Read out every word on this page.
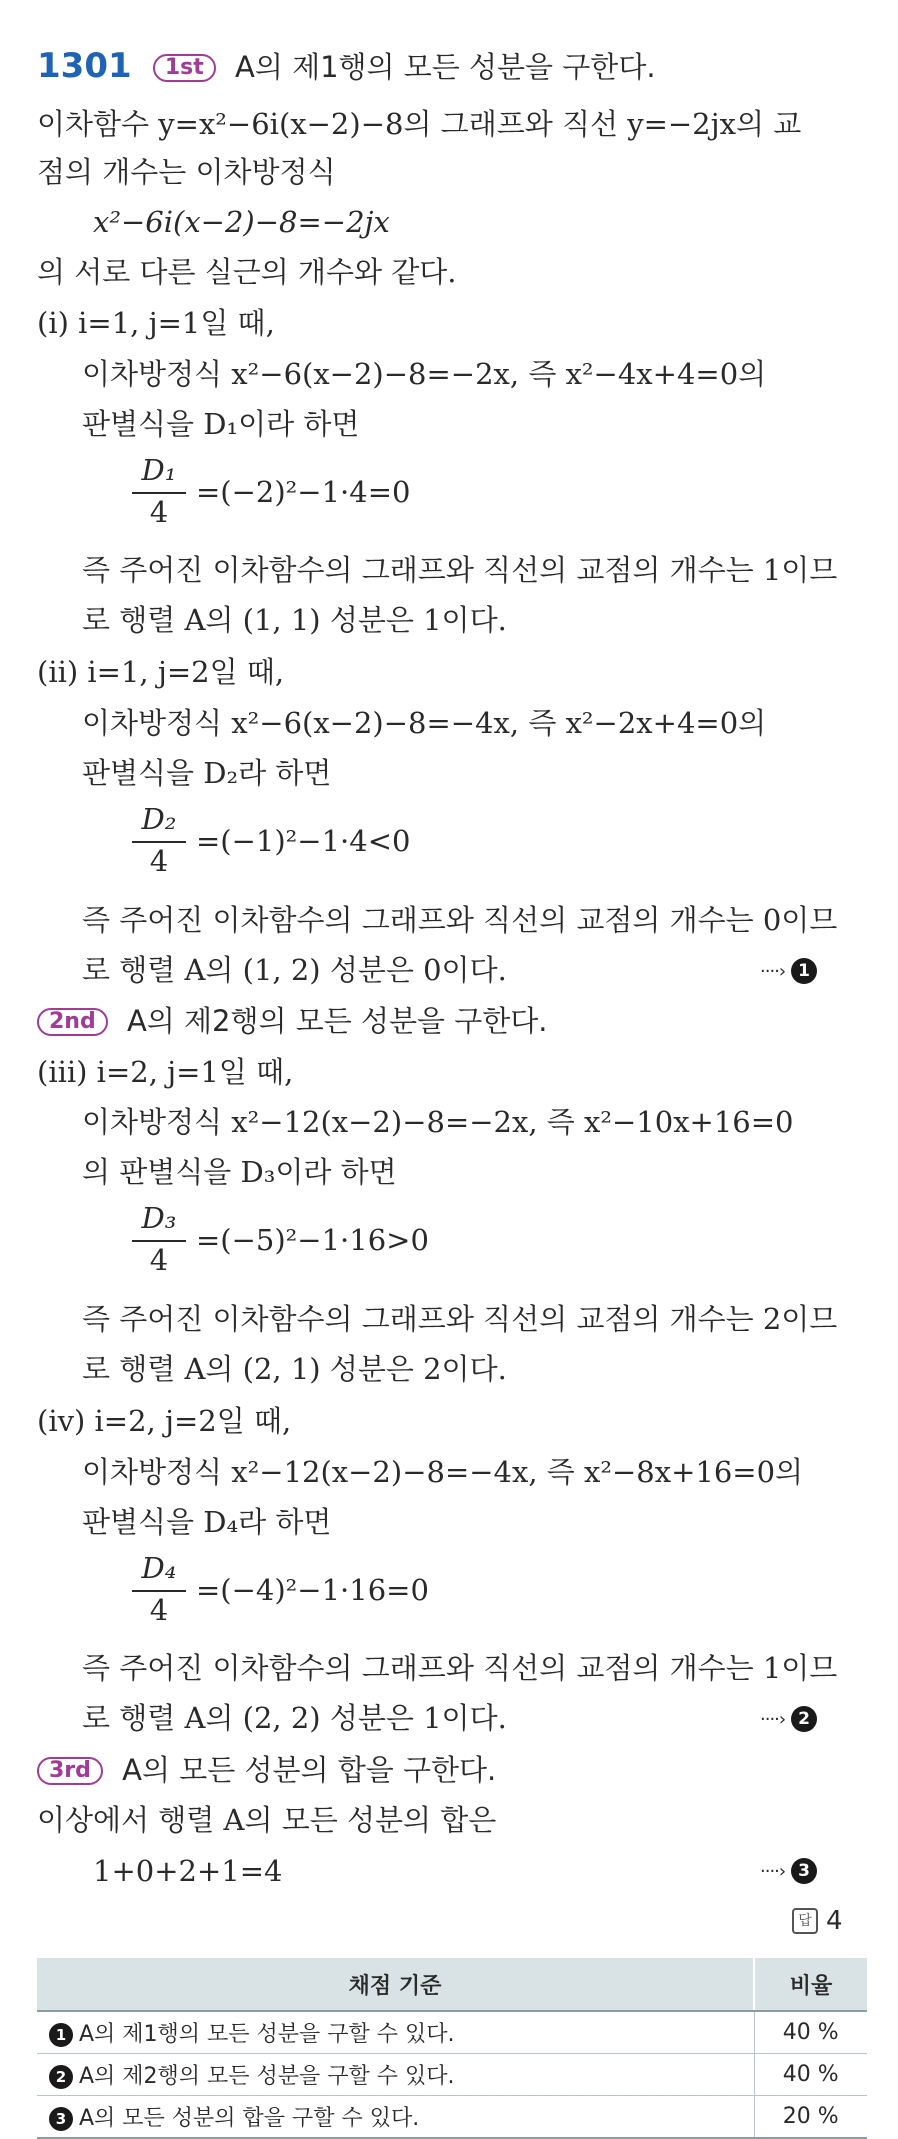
1301 1st A의 제1행의 모든 성분을 구한다.
이차함수 y=x²−6i(x−2)−8의 그래프와 직선 y=−2jx의 교
점의 개수는 이차방정식
x²−6i(x−2)−8=−2jx
의 서로 다른 실근의 개수와 같다.
(ⅰ) i=1, j=1일 때,
이차방정식 x²−6(x−2)−8=−2x, 즉 x²−4x+4=0의
판별식을 D₁이라 하면
D₁
4
=(−2)²−1·4=0
즉 주어진 이차함수의 그래프와 직선의 교점의 개수는 1이므
로 행렬 A의 (1, 1) 성분은 1이다.
(ⅱ) i=1, j=2일 때,
이차방정식 x²−6(x−2)−8=−4x, 즉 x²−2x+4=0의
판별식을 D₂라 하면
D₂
4
=(−1)²−1·4<0
즉 주어진 이차함수의 그래프와 직선의 교점의 개수는 0이므
로 행렬 A의 (1, 2) 성분은 0이다.	····› 1
2nd A의 제2행의 모든 성분을 구한다.
(ⅲ) i=2, j=1일 때,
이차방정식 x²−12(x−2)−8=−2x, 즉 x²−10x+16=0
의 판별식을 D₃이라 하면
D₃
4
=(−5)²−1·16>0
즉 주어진 이차함수의 그래프와 직선의 교점의 개수는 2이므
로 행렬 A의 (2, 1) 성분은 2이다.
(ⅳ) i=2, j=2일 때,
이차방정식 x²−12(x−2)−8=−4x, 즉 x²−8x+16=0의
판별식을 D₄라 하면
D₄
4
=(−4)²−1·16=0
즉 주어진 이차함수의 그래프와 직선의 교점의 개수는 1이므
로 행렬 A의 (2, 2) 성분은 1이다.	····› 2
3rd A의 모든 성분의 합을 구한다.
이상에서 행렬 A의 모든 성분의 합은
1+0+2+1=4	····› 3
채점 기준	비율
1 A의 제1행의 모든 성분을 구할 수 있다.	40 %
2 A의 제2행의 모든 성분을 구할 수 있다.	40 %
3 A의 모든 성분의 합을 구할 수 있다.	20 %
답 4
